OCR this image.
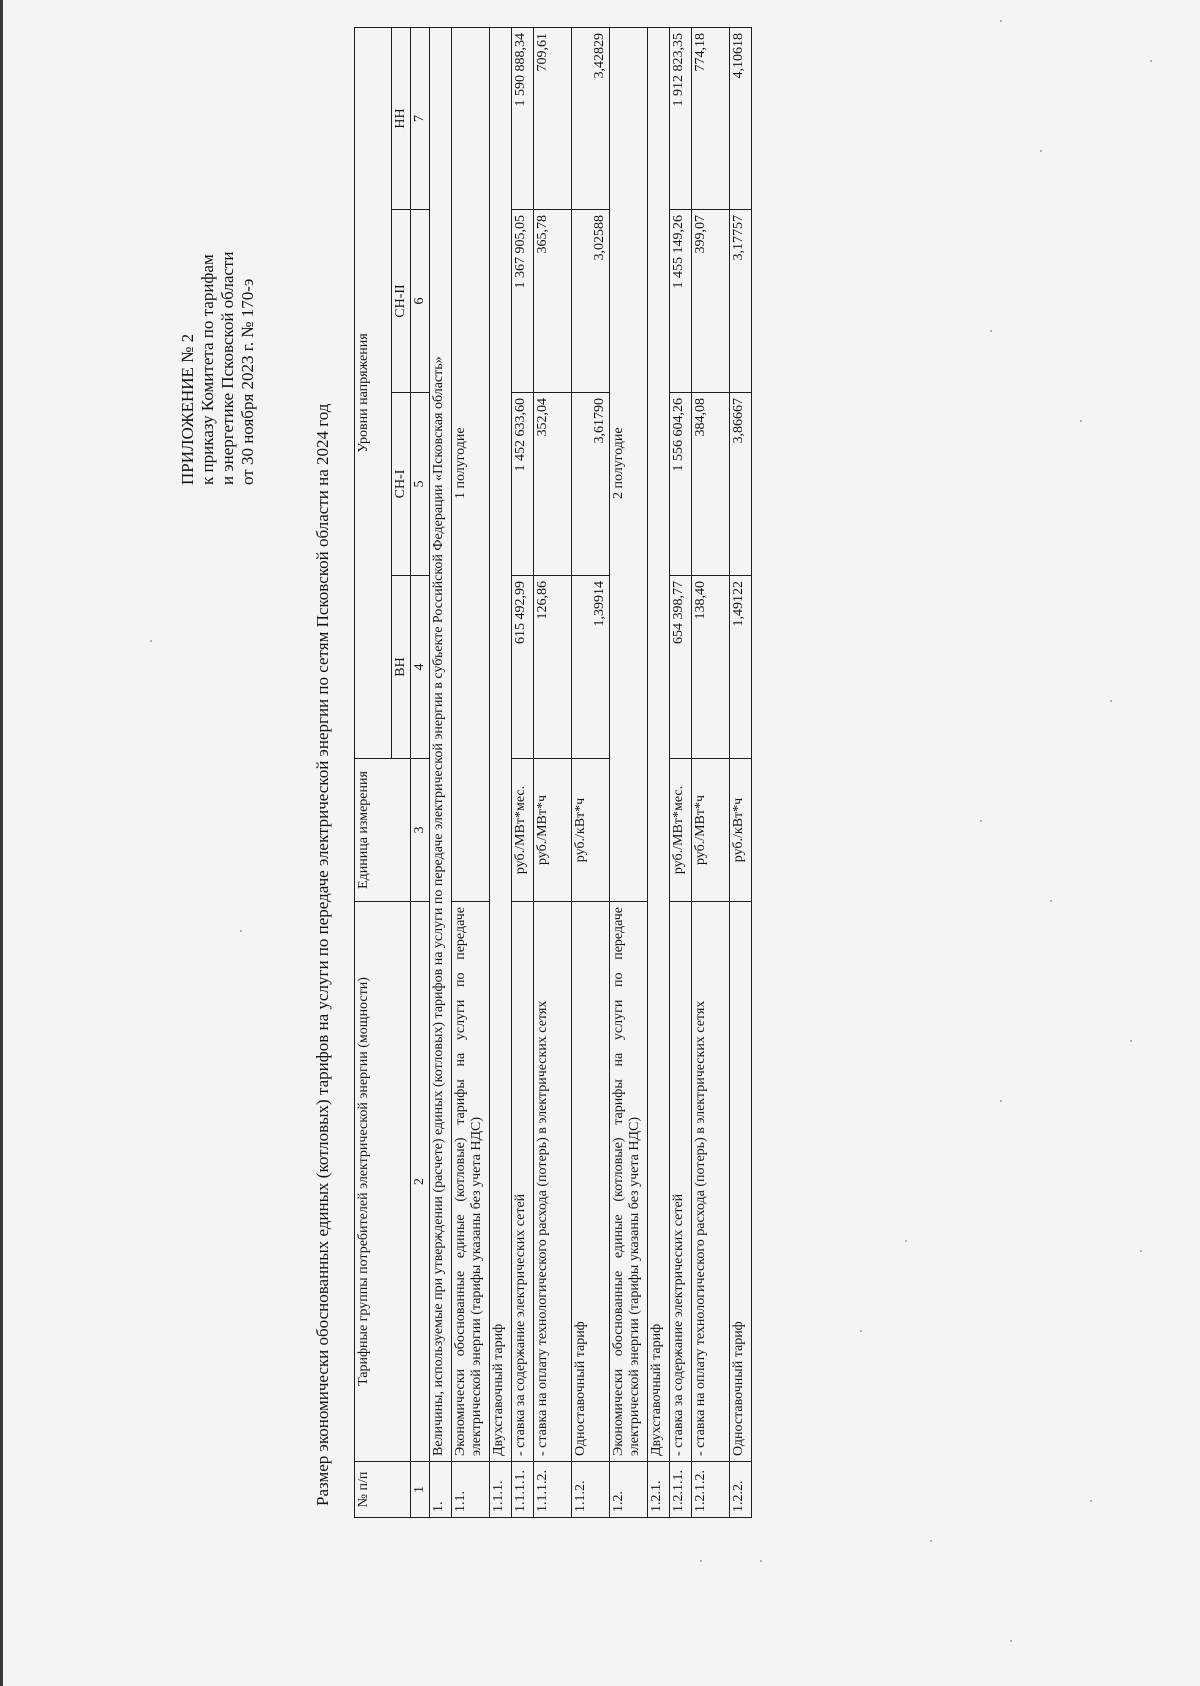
ПРИЛОЖЕНИЕ № 2 к приказу Комитета по тарифам и энергетике Псковской области от 30 ноября 2023 г. № 170-э
Размер экономически обоснованных единых (котловых) тарифов на услуги по передаче электрической энергии по сетям Псковской области на 2024 год № п/п	Тарифные группы потребителей электрической энергии (мощности)	Единица измерения	Уровни напряжения			
			ВН	СН-I	СН-II	НН
1	2	3	4	5	6	7
1.	Величины, используемые при утверждении (расчете) единых (котловых) тарифов на услуги по передаче электрической энергии в субъекте Российской Федерации «Псковская область»					
1.1.	Экономически обоснованные единые (котловые) тарифы на услуги по передаче электрической энергии (тарифы указаны без учета НДС)		1 полугодие			
1.1.1.	Двухставочный тариф					
1.1.1.1.	- ставка за содержание электрических сетей	руб./МВт*мес.	615 492,99	1 452 633,60	1 367 905,05	1 590 888,34
1.1.1.2.	- ставка на оплату технологического расхода (потерь) в электрических сетях	руб./МВт*ч	126,86	352,04	365,78	709,61
1.1.2.	Одноставочный тариф	руб./кВт*ч	1,39914	3,61790	3,02588	3,42829
1.2.	Экономически обоснованные единые (котловые) тарифы на услуги по передаче электрической энергии (тарифы указаны без учета НДС)		2 полугодие			
1.2.1.	Двухставочный тариф					
1.2.1.1.	- ставка за содержание электрических сетей	руб./МВт*мес.	654 398,77	1 556 604,26	1 455 149,26	1 912 823,35
1.2.1.2.	- ставка на оплату технологического расхода (потерь) в электрических сетях	руб./МВт*ч	138,40	384,08	399,07	774,18
1.2.2.	Одноставочный тариф	руб./кВт*ч	1,49122	3,86667	3,17757	4,10618
